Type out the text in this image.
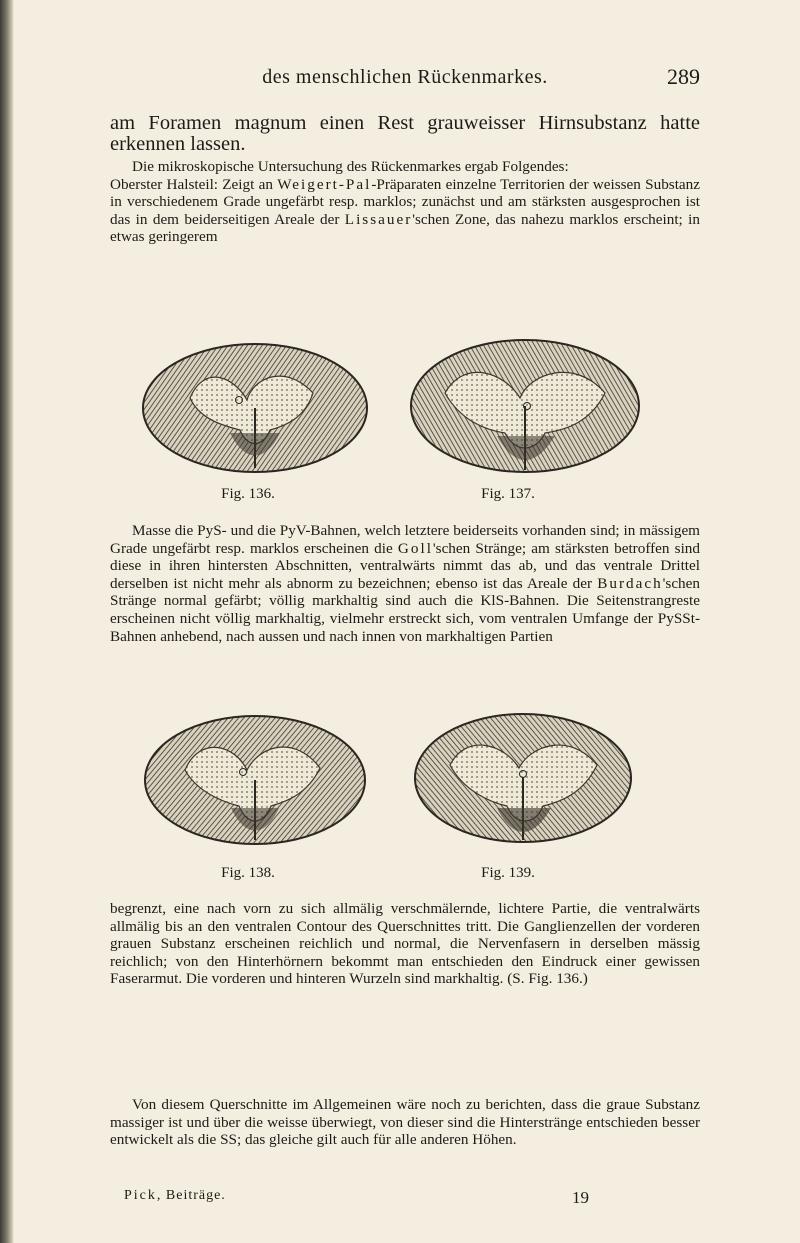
des menschlichen Rückenmarkes.	289

am Foramen magnum einen Rest grauweisser Hirnsubstanz hatte erkennen lassen.

Die mikroskopische Untersuchung des Rückenmarkes ergab Folgendes:
Oberster Halsteil: Zeigt an Weigert-Pal-Präparaten einzelne Territorien der weissen Substanz in verschiedenem Grade ungefärbt resp. marklos; zunächst und am stärksten ausgesprochen ist das in dem beiderseitigen Areale der Lissauer'schen Zone, das nahezu marklos erscheint; in etwas geringerem

Fig. 136.	Fig. 137.

Masse die PyS- und die PyV-Bahnen, welch letztere beiderseits vorhanden sind; in mässigem Grade ungefärbt resp. marklos erscheinen die Goll'schen Stränge; am stärksten betroffen sind diese in ihren hintersten Abschnitten, ventralwärts nimmt das ab, und das ventrale Drittel derselben ist nicht mehr als abnorm zu bezeichnen; ebenso ist das Areale der Burdach'schen Stränge normal gefärbt; völlig markhaltig sind auch die KlS-Bahnen. Die Seitenstrangreste erscheinen nicht völlig markhaltig, vielmehr erstreckt sich, vom ventralen Umfange der PySSt-Bahnen anhebend, nach aussen und nach innen von markhaltigen Partien

Fig. 138.	Fig. 139.

begrenzt, eine nach vorn zu sich allmälig verschmälernde, lichtere Partie, die ventralwärts allmälig bis an den ventralen Contour des Querschnittes tritt. Die Ganglienzellen der vorderen grauen Substanz erscheinen reichlich und normal, die Nervenfasern in derselben mässig reichlich; von den Hinterhörnern bekommt man entschieden den Eindruck einer gewissen Faserarmut. Die vorderen und hinteren Wurzeln sind markhaltig. (S. Fig. 136.)

Von diesem Querschnitte im Allgemeinen wäre noch zu berichten, dass die graue Substanz massiger ist und über die weisse überwiegt, von dieser sind die Hinterstränge entschieden besser entwickelt als die SS; das gleiche gilt auch für alle anderen Höhen.

Pick, Beiträge.	19
